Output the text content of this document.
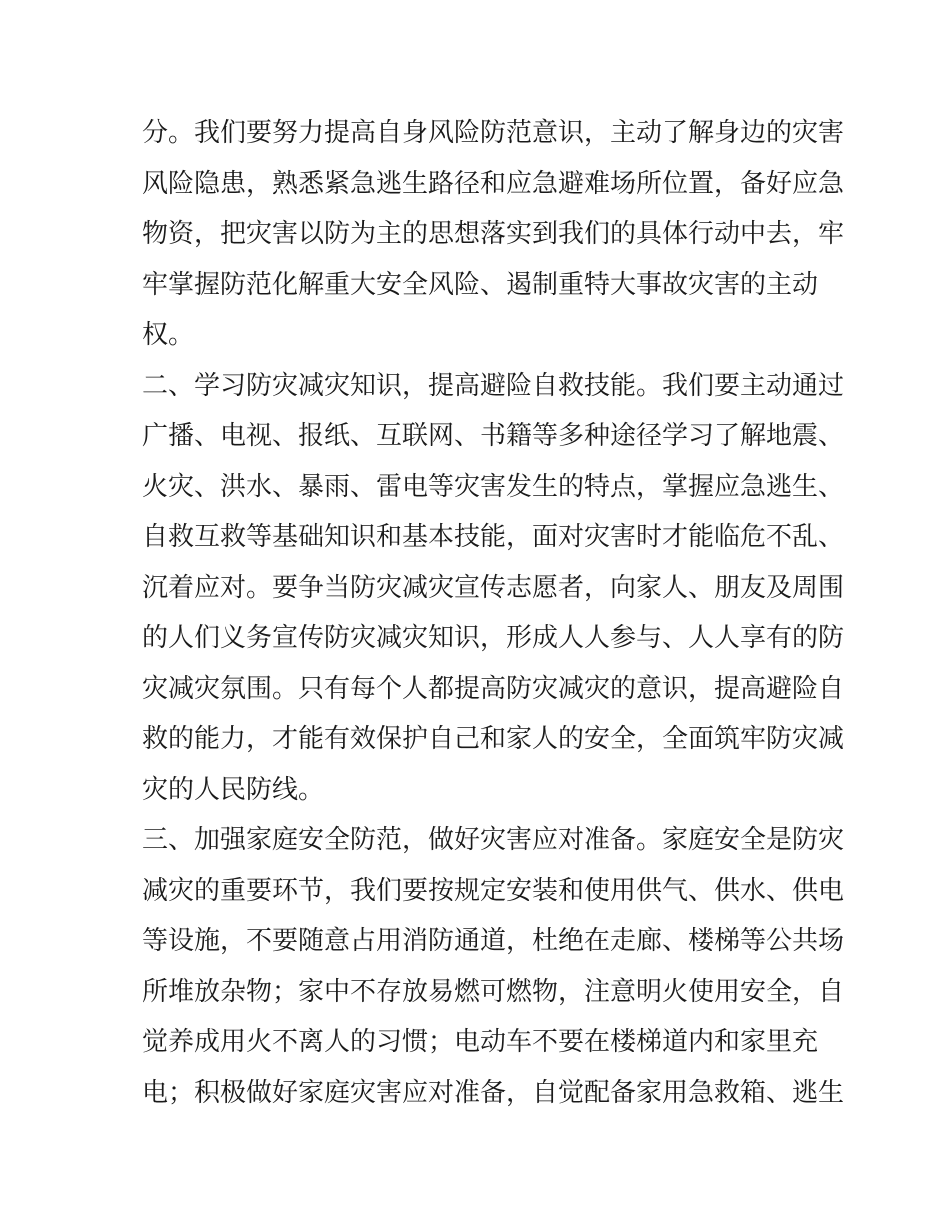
分。我们要努力提高自身风险防范意识，主动了解身边的灾害
风险隐患，熟悉紧急逃生路径和应急避难场所位置，备好应急
物资，把灾害以防为主的思想落实到我们的具体行动中去，牢
牢掌握防范化解重大安全风险、遏制重特大事故灾害的主动
权。
二、学习防灾减灾知识，提高避险自救技能。我们要主动通过
广播、电视、报纸、互联网、书籍等多种途径学习了解地震、
火灾、洪水、暴雨、雷电等灾害发生的特点，掌握应急逃生、
自救互救等基础知识和基本技能，面对灾害时才能临危不乱、
沉着应对。要争当防灾减灾宣传志愿者，向家人、朋友及周围
的人们义务宣传防灾减灾知识，形成人人参与、人人享有的防
灾减灾氛围。只有每个人都提高防灾减灾的意识，提高避险自
救的能力，才能有效保护自己和家人的安全，全面筑牢防灾减
灾的人民防线。
三、加强家庭安全防范，做好灾害应对准备。家庭安全是防灾
减灾的重要环节，我们要按规定安装和使用供气、供水、供电
等设施，不要随意占用消防通道，杜绝在走廊、楼梯等公共场
所堆放杂物；家中不存放易燃可燃物，注意明火使用安全，自
觉养成用火不离人的习惯；电动车不要在楼梯道内和家里充
电；积极做好家庭灾害应对准备，自觉配备家用急救箱、逃生
